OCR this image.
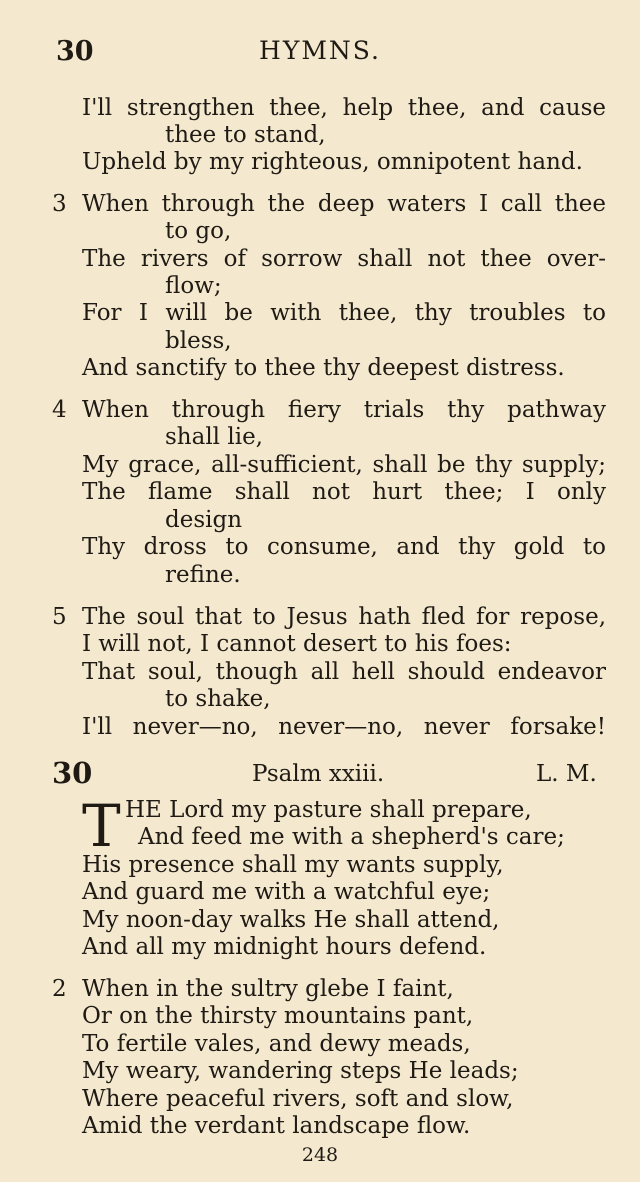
30	HYMNS.
I'll strengthen thee, help thee, and cause
thee to stand,
Upheld by my righteous, omnipotent hand.
3 When through the deep waters I call thee
to go,
The rivers of sorrow shall not thee over-
flow;
For I will be with thee, thy troubles to
bless,
And sanctify to thee thy deepest distress.
4 When through fiery trials thy pathway
shall lie,
My grace, all-sufficient, shall be thy supply;
The flame shall not hurt thee; I only
design
Thy dross to consume, and thy gold to
refine.
5 The soul that to Jesus hath fled for repose,
I will not, I cannot desert to his foes:
That soul, though all hell should endeavor
to shake,
I'll never—no, never—no, never forsake!
30	Psalm xxiii.	L. M.
T HE Lord my pasture shall prepare,
And feed me with a shepherd's care;
His presence shall my wants supply,
And guard me with a watchful eye;
My noon-day walks He shall attend,
And all my midnight hours defend.
2 When in the sultry glebe I faint,
Or on the thirsty mountains pant,
To fertile vales, and dewy meads,
My weary, wandering steps He leads;
Where peaceful rivers, soft and slow,
Amid the verdant landscape flow.
248
